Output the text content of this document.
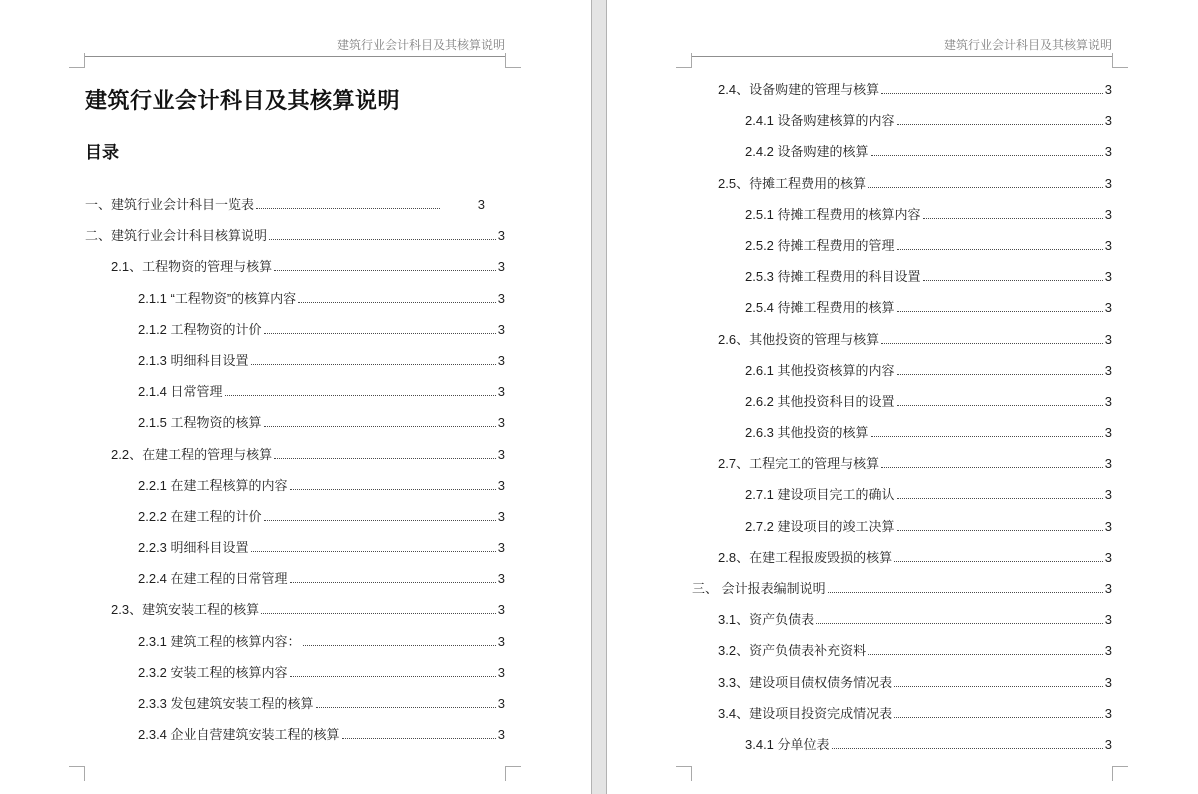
建筑行业会计科目及其核算说明
建筑行业会计科目及其核算说明
目录
一、建筑行业会计科目一览表	3
二、建筑行业会计科目核算说明	3
2.1、工程物资的管理与核算	3
2.1.1 “工程物资”的核算内容	3
2.1.2 工程物资的计价	3
2.1.3 明细科目设置	3
2.1.4 日常管理	3
2.1.5 工程物资的核算	3
2.2、在建工程的管理与核算	3
2.2.1 在建工程核算的内容	3
2.2.2 在建工程的计价	3
2.2.3 明细科目设置	3
2.2.4 在建工程的日常管理	3
2.3、建筑安装工程的核算	3
2.3.1 建筑工程的核算内容：	3
2.3.2 安装工程的核算内容	3
2.3.3 发包建筑安装工程的核算	3
2.3.4 企业自营建筑安装工程的核算	3
建筑行业会计科目及其核算说明
2.4、设备购建的管理与核算	3
2.4.1 设备购建核算的内容	3
2.4.2 设备购建的核算	3
2.5、待摊工程费用的核算	3
2.5.1 待摊工程费用的核算内容	3
2.5.2 待摊工程费用的管理	3
2.5.3 待摊工程费用的科目设置	3
2.5.4 待摊工程费用的核算	3
2.6、其他投资的管理与核算	3
2.6.1 其他投资核算的内容	3
2.6.2 其他投资科目的设置	3
2.6.3 其他投资的核算	3
2.7、工程完工的管理与核算	3
2.7.1 建设项目完工的确认	3
2.7.2 建设项目的竣工决算	3
2.8、在建工程报废毁损的核算	3
三、 会计报表编制说明	3
3.1、资产负债表	3
3.2、资产负债表补充资料	3
3.3、建设项目债权债务情况表	3
3.4、建设项目投资完成情况表	3
3.4.1 分单位表	3
